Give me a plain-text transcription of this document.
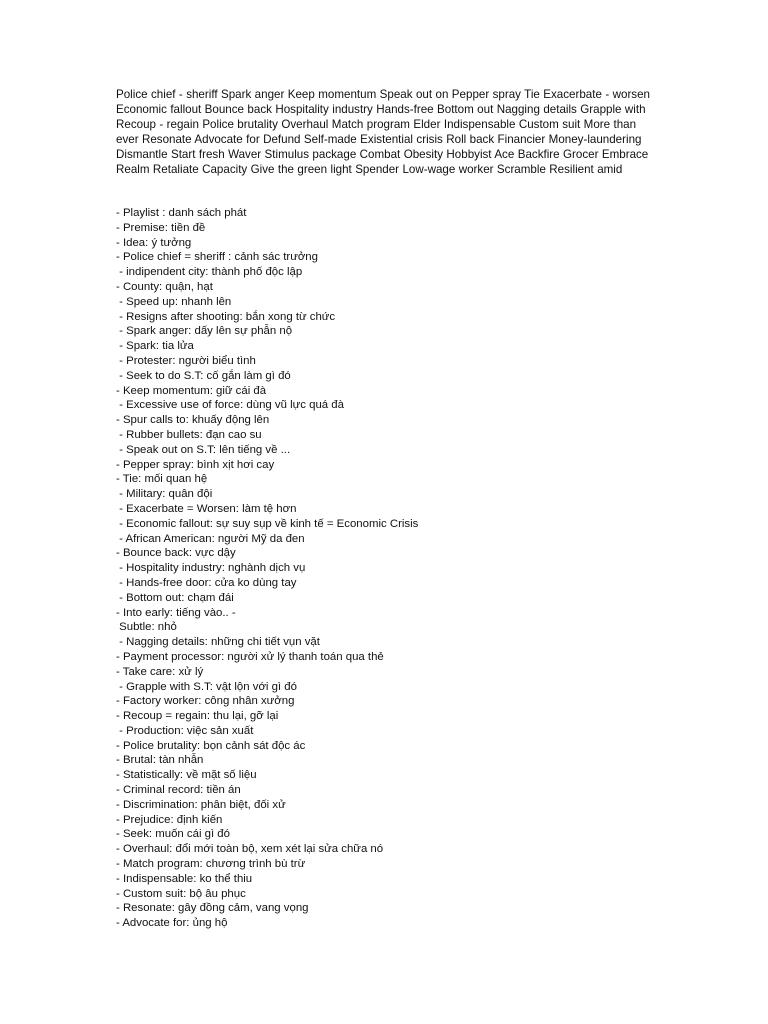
Police chief - sheriff Spark anger Keep momentum Speak out on Pepper spray Tie Exacerbate - worsen Economic fallout Bounce back Hospitality industry Hands-free Bottom out Nagging details Grapple with Recoup - regain Police brutality Overhaul Match program Elder Indispensable Custom suit More than ever Resonate Advocate for Defund Self-made Existential crisis Roll back Financier Money-laundering Dismantle Start fresh Waver Stimulus package Combat Obesity Hobbyist Ace Backfire Grocer Embrace Realm Retaliate Capacity Give the green light Spender Low-wage worker Scramble Resilient amid

- Playlist : danh sách phát
- Premise: tiền đề
- Idea: ý tưởng
- Police chief = sheriff : cảnh sác trưởng
- indipendent city: thành phố độc lập
- County: quận, hạt
- Speed up: nhanh lên
- Resigns after shooting: bắn xong từ chức
- Spark anger: dấy lên sự phẫn nộ
- Spark: tia lửa
- Protester: người biểu tình
- Seek to do S.T: cố gắn làm gì đó
- Keep momentum: giữ cái đà
- Excessive use of force: dùng vũ lực quá đà
- Spur calls to: khuấy động lên
- Rubber bullets: đạn cao su
- Speak out on S.T: lên tiếng về ...
- Pepper spray: bình xịt hơi cay
- Tie: mối quan hệ
- Military: quân đội
- Exacerbate = Worsen: làm tệ hơn
- Economic fallout: sự suy sụp về kinh tế = Economic Crisis
- African American: người Mỹ da đen
- Bounce back: vực dậy
- Hospitality industry: nghành dịch vụ
- Hands-free door: cửa ko dùng tay
- Bottom out: chạm đái
- Into early: tiếng vào.. -
Subtle: nhỏ
- Nagging details: những chi tiết vụn vặt
- Payment processor: người xử lý thanh toán qua thẻ
- Take care: xử lý
- Grapple with S.T: vật lộn với gì đó
- Factory worker: công nhân xưởng
- Recoup = regain: thu lại, gỡ lại
- Production: việc sản xuất
- Police brutality: bọn cảnh sát độc ác
- Brutal: tàn nhẫn
- Statistically: về mặt số liệu
- Criminal record: tiền án
- Discrimination: phân biệt, đối xử
- Prejudice: định kiến
- Seek: muốn cái gì đó
- Overhaul: đổi mới toàn bộ, xem xét lại sửa chữa nó
- Match program: chương trình bù trừ
- Indispensable: ko thể thiu
- Custom suit: bộ âu phục
- Resonate: gây đồng cảm, vang vọng
- Advocate for: ủng hộ
